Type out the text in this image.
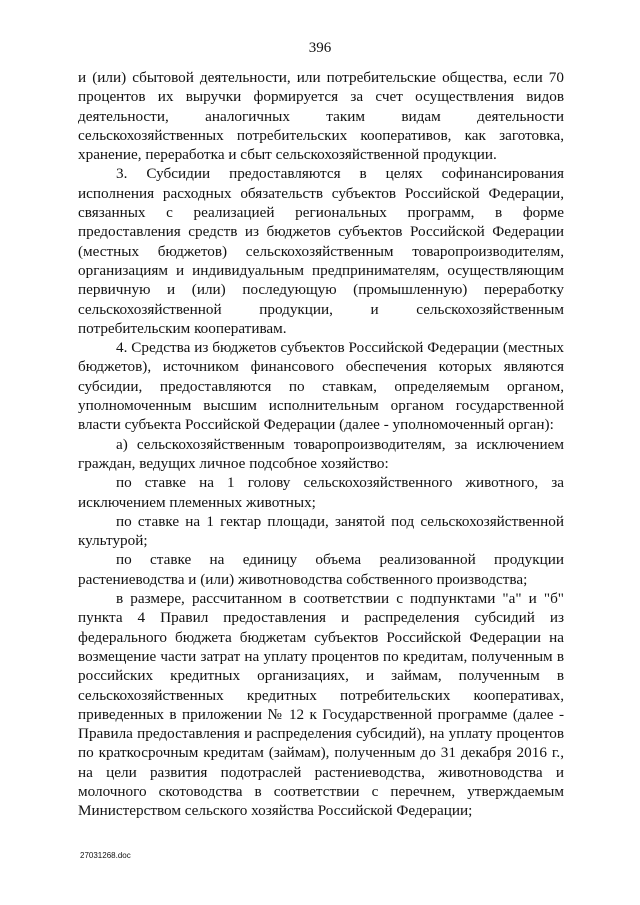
396

и (или) сбытовой деятельности, или потребительские общества, если 70 процентов их выручки формируется за счет осуществления видов деятельности, аналогичных таким видам деятельности сельскохозяйственных потребительских кооперативов, как заготовка, хранение, переработка и сбыт сельскохозяйственной продукции.

3. Субсидии предоставляются в целях софинансирования исполнения расходных обязательств субъектов Российской Федерации, связанных с реализацией региональных программ, в форме предоставления средств из бюджетов субъектов Российской Федерации (местных бюджетов) сельскохозяйственным товаропроизводителям, организациям и индивидуальным предпринимателям, осуществляющим первичную и (или) последующую (промышленную) переработку сельскохозяйственной продукции, и сельскохозяйственным потребительским кооперативам.

4. Средства из бюджетов субъектов Российской Федерации (местных бюджетов), источником финансового обеспечения которых являются субсидии, предоставляются по ставкам, определяемым органом, уполномоченным высшим исполнительным органом государственной власти субъекта Российской Федерации (далее - уполномоченный орган):

а) сельскохозяйственным товаропроизводителям, за исключением граждан, ведущих личное подсобное хозяйство:

по ставке на 1 голову сельскохозяйственного животного, за исключением племенных животных;

по ставке на 1 гектар площади, занятой под сельскохозяйственной культурой;

по ставке на единицу объема реализованной продукции растениеводства и (или) животноводства собственного производства;

в размере, рассчитанном в соответствии с подпунктами "а" и "б" пункта 4 Правил предоставления и распределения субсидий из федерального бюджета бюджетам субъектов Российской Федерации на возмещение части затрат на уплату процентов по кредитам, полученным в российских кредитных организациях, и займам, полученным в сельскохозяйственных кредитных потребительских кооперативах, приведенных в приложении № 12 к Государственной программе (далее - Правила предоставления и распределения субсидий), на уплату процентов по краткосрочным кредитам (займам), полученным до 31 декабря 2016 г., на цели развития подотраслей растениеводства, животноводства и молочного скотоводства в соответствии с перечнем, утверждаемым Министерством сельского хозяйства Российской Федерации;

27031268.doc
